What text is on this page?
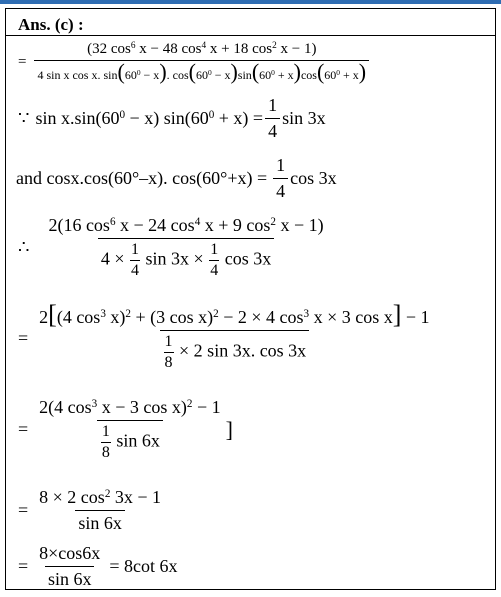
Ans. (c) :
=
(32 $\cos^6 x - 48$ $\cos^4 x + 18$ $\cos^2 x - 1$)
4 sin x cos x. $\sin(60^0 - x)$. $\cos(60^0 - x)\sin(60^0 + x)\cos(60^0 + x)$
∵ $\sin x.\sin(60^0 - x) \sin(60^0 + x) = \frac{1}{4}$ sin 3x
and cosx.cos(60°–x). $\cos(60^\circ+x) = \frac{1}{4}$ cos 3x
∴
2(16 $\cos^6 x - 24$ $\cos^4 x + 9$ $\cos^2 x - 1$)
$4 \times \frac{1}{4}$ $\sin 3x \times \frac{1}{4}$ cos 3x
= $\frac{2[(4 \cos^3 x)^2 + (3 \cos x)^2 - 2 \times 4 \cos^3 x \times 3 \cos x] - 1}{\frac{1}{8} \times 2 \sin 3x. \cos 3x}$
= $\frac{2(4 \cos^3 x - 3 \cos x)^2 - 1}{\frac{1}{8} \sin 6x}$ ]
= $\frac{8 \times 2 \cos^2 3x - 1}{\sin 6x}$
= $\frac{8\times\cos 6x}{\sin 6x} = 8\cot$ 6x
